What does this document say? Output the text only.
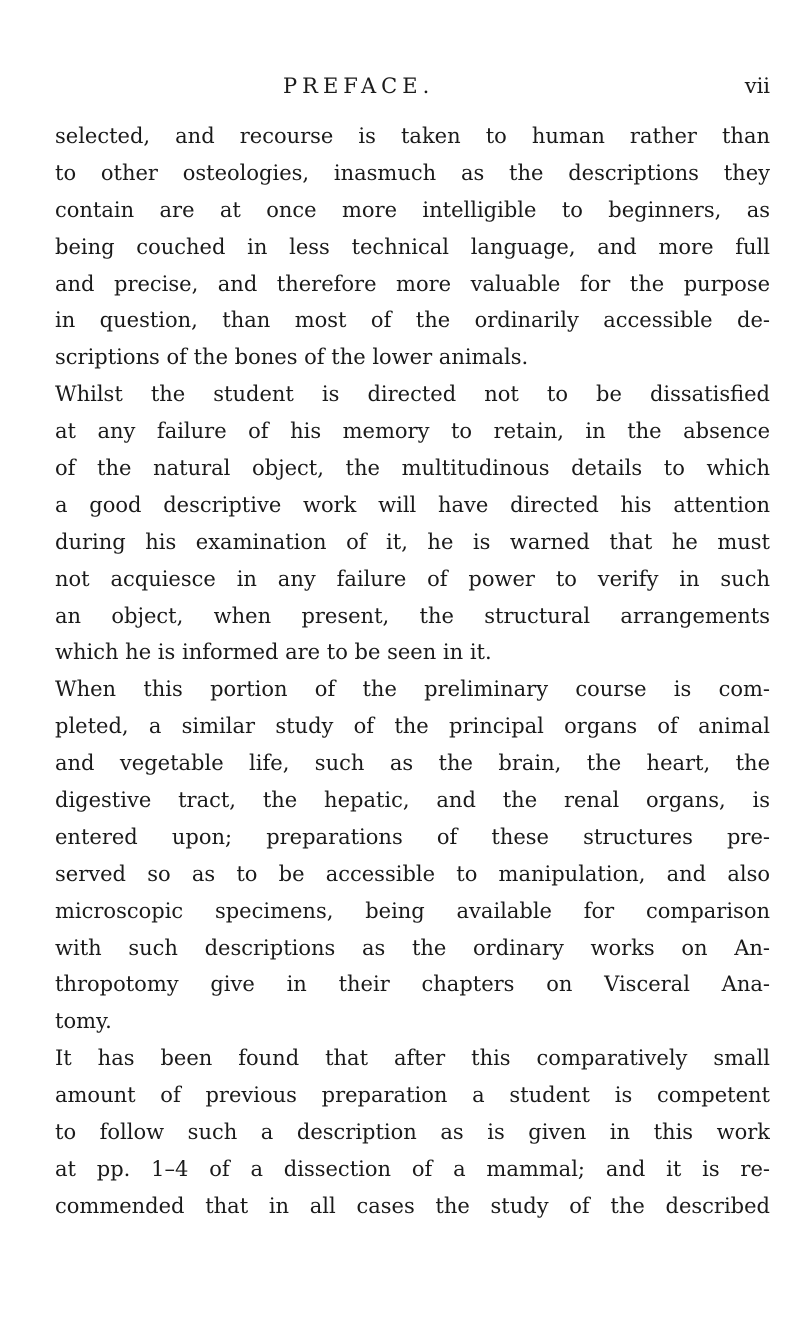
PREFACE.	vii
selected, and recourse is taken to human rather than
to other osteologies, inasmuch as the descriptions they
contain are at once more intelligible to beginners, as
being couched in less technical language, and more full
and precise, and therefore more valuable for the purpose
in question, than most of the ordinarily accessible de-
scriptions of the bones of the lower animals.
Whilst the student is directed not to be dissatisfied
at any failure of his memory to retain, in the absence
of the natural object, the multitudinous details to which
a good descriptive work will have directed his attention
during his examination of it, he is warned that he must
not acquiesce in any failure of power to verify in such
an object, when present, the structural arrangements
which he is informed are to be seen in it.
When this portion of the preliminary course is com-
pleted, a similar study of the principal organs of animal
and vegetable life, such as the brain, the heart, the
digestive tract, the hepatic, and the renal organs, is
entered upon; preparations of these structures pre-
served so as to be accessible to manipulation, and also
microscopic specimens, being available for comparison
with such descriptions as the ordinary works on An-
thropotomy give in their chapters on Visceral Ana-
tomy.
It has been found that after this comparatively small
amount of previous preparation a student is competent
to follow such a description as is given in this work
at pp. 1–4 of a dissection of a mammal; and it is re-
commended that in all cases the study of the described
